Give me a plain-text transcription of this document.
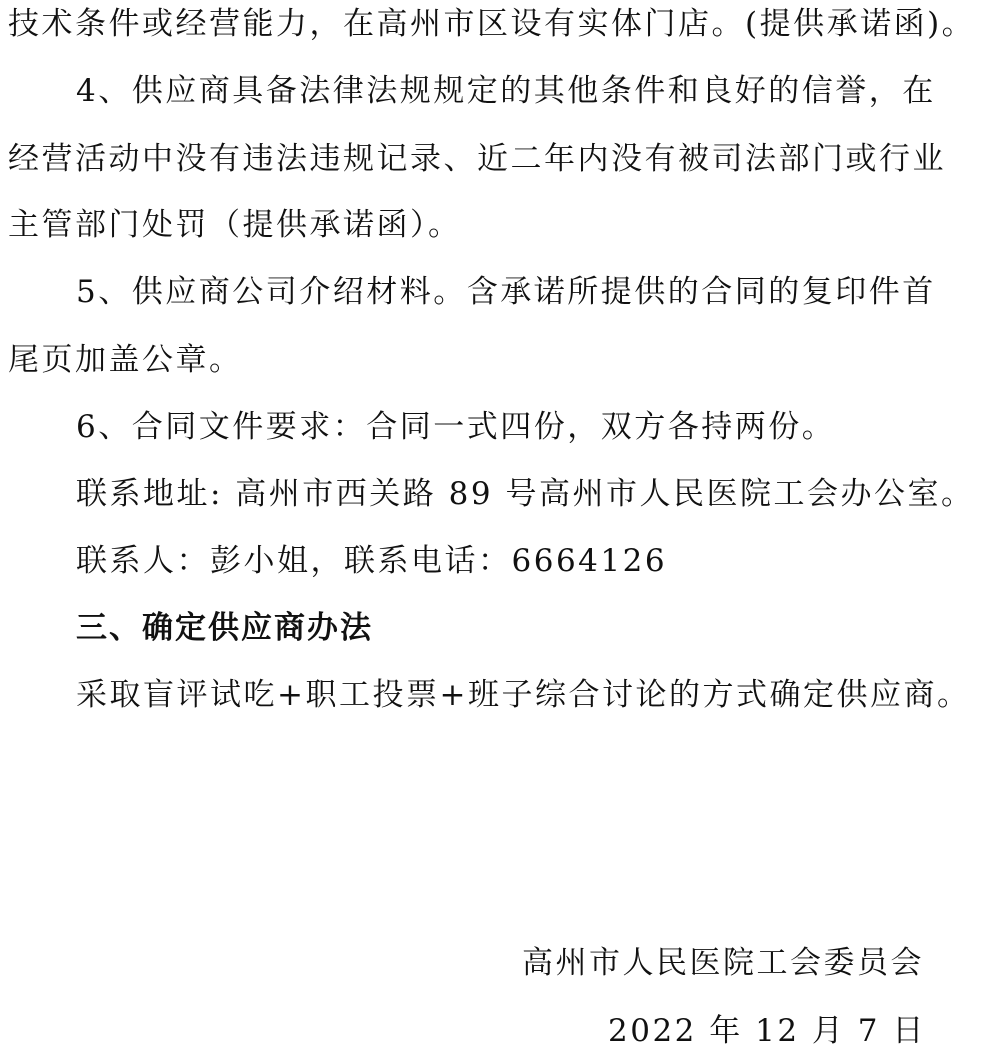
技术条件或经营能力，在高州市区设有实体门店。(提供承诺函)。
4、供应商具备法律法规规定的其他条件和良好的信誉，在
经营活动中没有违法违规记录、近二年内没有被司法部门或行业
主管部门处罚（提供承诺函）。
5、供应商公司介绍材料。含承诺所提供的合同的复印件首
尾页加盖公章。
6、合同文件要求：合同一式四份，双方各持两份。
联系地址: 高州市西关路 89 号高州市人民医院工会办公室。
联系人：彭小姐，联系电话：6664126
三、确定供应商办法
采取盲评试吃+职工投票+班子综合讨论的方式确定供应商。
高州市人民医院工会委员会
2022 年 12 月 7 日
